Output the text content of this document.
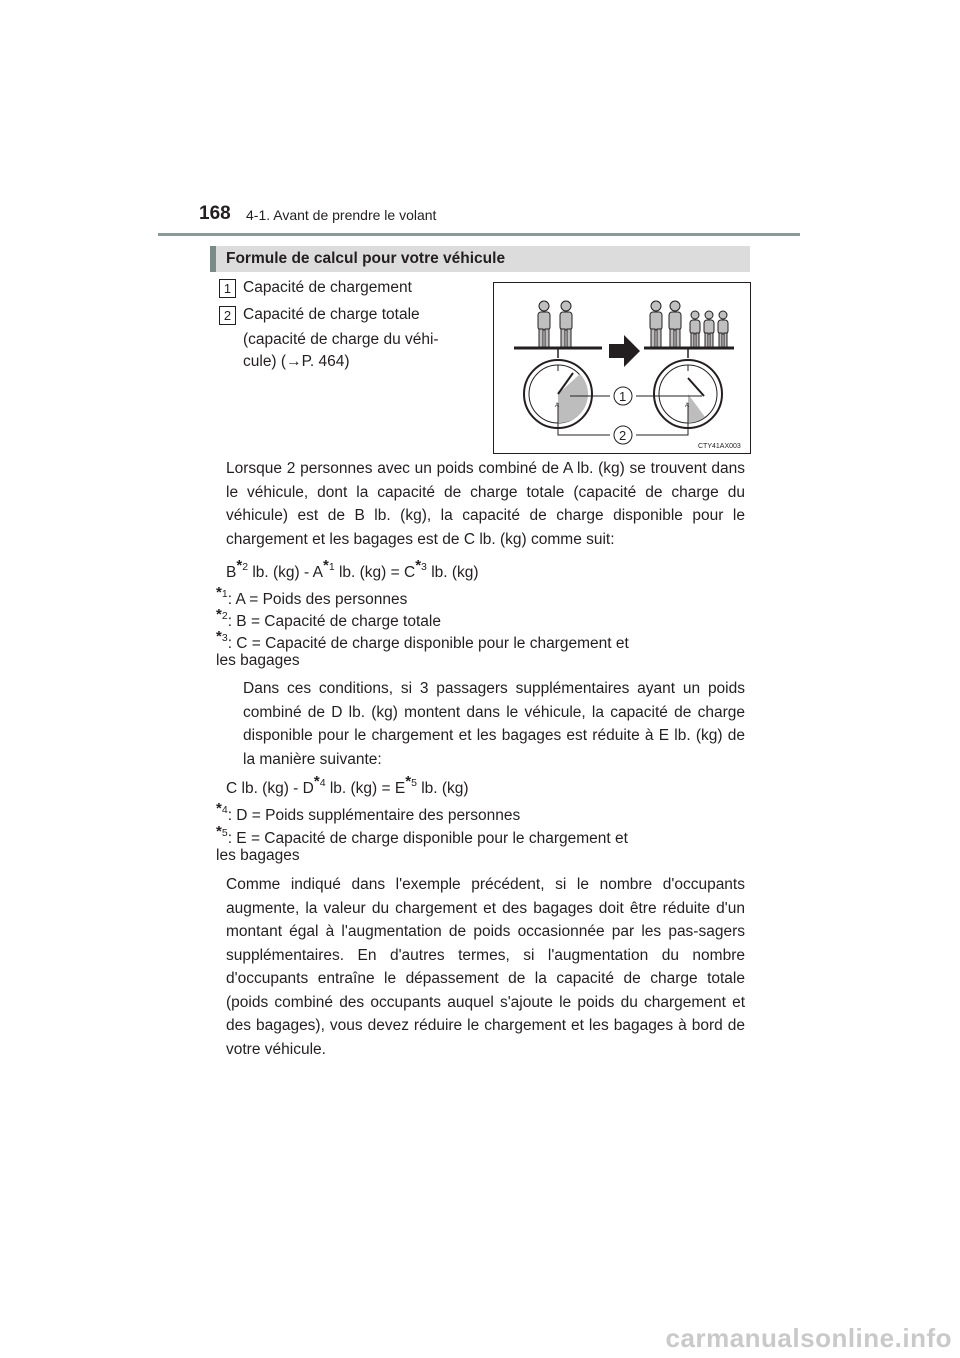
168 4-1. Avant de prendre le volant
Formule de calcul pour votre véhicule
1 Capacité de chargement
2 Capacité de charge totale
(capacité de charge du véhi-
cule) (→P. 464)
A	A
1
2
CTY41AX003
Lorsque 2 personnes avec un poids combiné de A lb. (kg) se trouvent dans le véhicule, dont la capacité de charge totale (capacité de charge du véhicule) est de B lb. (kg), la capacité de charge disponible pour le chargement et les bagages est de C lb. (kg) comme suit:
$B^{*2}$ lb. $(kg) - A^{*1}$ lb. $(kg) = C^{*3}$ lb. (kg)
$^{*1}$: A = Poids des personnes
$^{*2}$: B = Capacité de charge totale
$^{*3}$: C = Capacité de charge disponible pour le chargement et
les bagages
Dans ces conditions, si 3 passagers supplémentaires ayant un poids combiné de D lb. (kg) montent dans le véhicule, la capacité de charge disponible pour le chargement et les bagages est réduite à E lb. (kg) de la manière suivante:
C lb. $(kg) - D^{*4}$ lb. $(kg) = E^{*5}$ lb. (kg)
$^{*4}$: D = Poids supplémentaire des personnes
$^{*5}$: E = Capacité de charge disponible pour le chargement et
les bagages
Comme indiqué dans l'exemple précédent, si le nombre d'occupants augmente, la valeur du chargement et des bagages doit être réduite d'un montant égal à l'augmentation de poids occasionnée par les pas-sagers supplémentaires. En d'autres termes, si l'augmentation du nombre d'occupants entraîne le dépassement de la capacité de charge totale (poids combiné des occupants auquel s'ajoute le poids du chargement et des bagages), vous devez réduire le chargement et les bagages à bord de votre véhicule.
carmanualsonline.info
